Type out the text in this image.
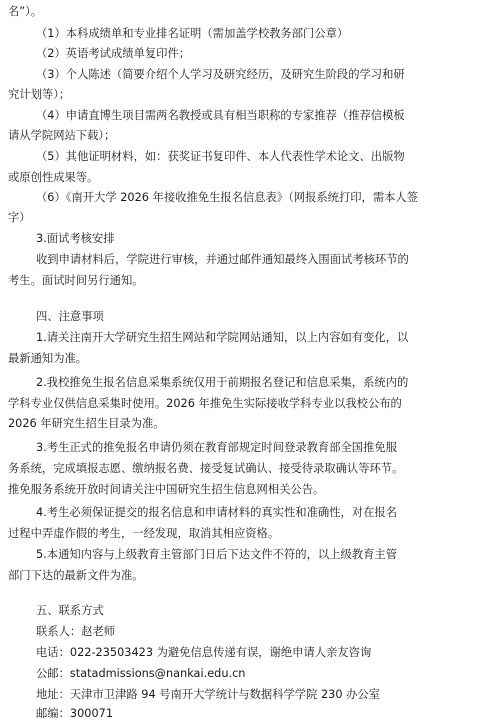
名”）。
（1）本科成绩单和专业排名证明（需加盖学校教务部门公章）
（2）英语考试成绩单复印件；
（3）个人陈述（简要介绍个人学习及研究经历，及研究生阶段的学习和研
究计划等）；
（4）申请直博生项目需两名教授或具有相当职称的专家推荐（推荐信模板
请从学院网站下载）；
（5）其他证明材料，如：获奖证书复印件、本人代表性学术论文、出版物
或原创性成果等。
（6）《南开大学 2026 年接收推免生报名信息表》（网报系统打印，需本人签
字）
3.面试考核安排
收到申请材料后，学院进行审核，并通过邮件通知最终入围面试考核环节的
考生。面试时间另行通知。
四、注意事项
1.请关注南开大学研究生招生网站和学院网站通知，以上内容如有变化，以
最新通知为准。
2.我校推免生报名信息采集系统仅用于前期报名登记和信息采集，系统内的
学科专业仅供信息采集时使用。2026 年推免生实际接收学科专业以我校公布的
2026 年研究生招生目录为准。
3.考生正式的推免报名申请仍须在教育部规定时间登录教育部全国推免服
务系统，完成填报志愿、缴纳报名费、接受复试确认、接受待录取确认等环节。
推免服务系统开放时间请关注中国研究生招生信息网相关公告。
4.考生必须保证提交的报名信息和申请材料的真实性和准确性，对在报名
过程中弄虚作假的考生，一经发现，取消其相应资格。
5.本通知内容与上级教育主管部门日后下达文件不符的，以上级教育主管
部门下达的最新文件为准。
五、联系方式
联系人：赵老师
电话：022-23503423 为避免信息传递有误，谢绝申请人亲友咨询
公邮：statadmissions@nankai.edu.cn
地址：天津市卫津路 94 号南开大学统计与数据科学学院 230 办公室
邮编：300071
